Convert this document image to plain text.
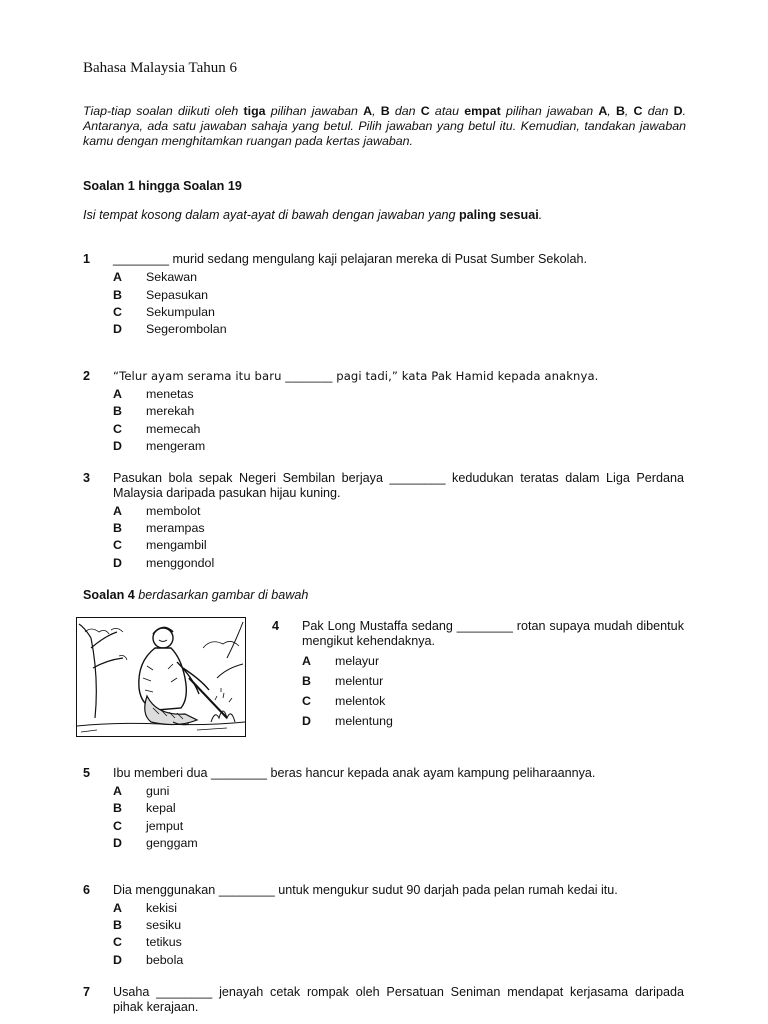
Bahasa Malaysia Tahun 6
Tiap-tiap soalan diikuti oleh tiga pilihan jawaban A, B dan C atau empat pilihan jawaban A, B, C dan D. Antaranya, ada satu jawaban sahaja yang betul. Pilih jawaban yang betul itu. Kemudian, tandakan jawaban kamu dengan menghitamkan ruangan pada kertas jawaban.
Soalan 1 hingga Soalan 19
Isi tempat kosong dalam ayat-ayat di bawah dengan jawaban yang paling sesuai.
1 ________ murid sedang mengulang kaji pelajaran mereka di Pusat Sumber Sekolah.
A Sekawan
B Sepasukan
C Sekumpulan
D Segerombolan
2 “Telur ayam serama itu baru ________ pagi tadi,” kata Pak Hamid kepada anaknya.
A menetas
B merekah
C memecah
D mengeram
3 Pasukan bola sepak Negeri Sembilan berjaya ________ kedudukan teratas dalam Liga Perdana Malaysia daripada pasukan hijau kuning.
A membolot
B merampas
C mengambil
D menggondol
Soalan 4 berdasarkan gambar di bawah
4 Pak Long Mustaffa sedang ________ rotan supaya mudah dibentuk mengikut kehendaknya.
A melayur
B melentur
C melentok
D melentung
5 Ibu memberi dua ________ beras hancur kepada anak ayam kampung peliharaannya.
A guni
B kepal
C jemput
D genggam
6 Dia menggunakan ________ untuk mengukur sudut 90 darjah pada pelan rumah kedai itu.
A kekisi
B sesiku
C tetikus
D bebola
7 Usaha ________ jenayah cetak rompak oleh Persatuan Seniman mendapat kerjasama daripada pihak kerajaan.
